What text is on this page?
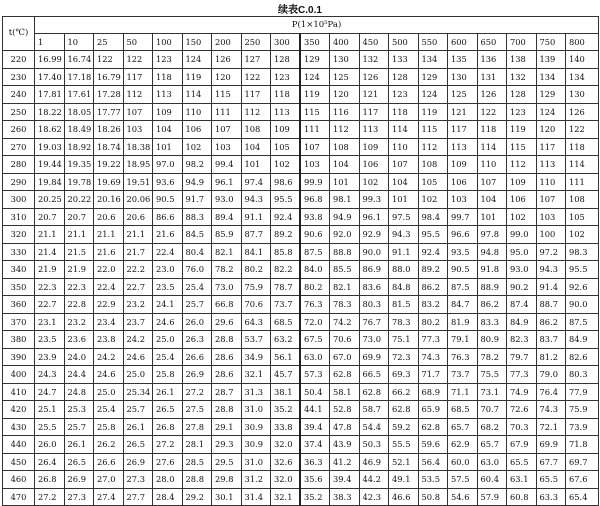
续表C.0.1
t(℃)	P(1×10⁵Pa)																		
	1	10	25	50	100	150	200	250	300	350	400	450	500	550	600	650	700	750	800
220	16.99	16.74	122	122	123	124	126	127	128	129	130	132	133	134	135	136	138	139	140
230	17.40	17.18	16.79	117	118	119	120	122	123	124	125	126	128	129	130	131	132	134	134
240	17.81	17.61	17.28	112	113	114	115	117	118	119	120	121	123	124	125	126	128	129	130
250	18.22	18.05	17.77	107	109	110	111	112	113	115	116	117	118	119	121	122	123	124	126
260	18.62	18.49	18.26	103	104	106	107	108	109	111	112	113	114	115	117	118	119	120	122
270	19.03	18.92	18.74	18.38	101	102	103	104	105	107	108	109	110	112	113	114	115	117	118
280	19.44	19.35	19.22	18.95	97.0	98.2	99.4	101	102	103	104	106	107	108	109	110	112	113	114
290	19.84	19.78	19.69	19.51	93.6	94.9	96.1	97.4	98.6	99.9	101	102	104	105	106	107	109	110	111
300	20.25	20.22	20.16	20.06	90.5	91.7	93.0	94.3	95.5	96.8	98.1	99.3	101	102	103	104	106	107	108
310	20.7	20.7	20.6	20.6	86.6	88.3	89.4	91.1	92.4	93.8	94.9	96.1	97.5	98.4	99.7	101	102	103	105
320	21.1	21.1	21.1	21.1	21.6	84.5	85.9	87.7	89.2	90.6	92.0	92.9	94.3	95.5	96.6	97.8	99.0	100	102
330	21.4	21.5	21.6	21.7	22.4	80.4	82.1	84.1	85.8	87.5	88.8	90.0	91.1	92.4	93.5	94.8	95.0	97.2	98.3
340	21.9	21.9	22.0	22.2	23.0	76.0	78.2	80.2	82.2	84.0	85.5	86.9	88.0	89.2	90.5	91.8	93.0	94.3	95.5
350	22.3	22.3	22.4	22.7	23.5	25.4	73.0	75.9	78.7	80.2	82.1	83.6	84.8	86.2	87.5	88.9	90.2	91.4	92.6
360	22.7	22.8	22.9	23.2	24.1	25.7	66.8	70.6	73.7	76.3	78.3	80.3	81.5	83.2	84.7	86.2	87.4	88.7	90.0
370	23.1	23.2	23.4	23.7	24.6	26.0	29.6	64.3	68.5	72.0	74.2	76.7	78.3	80.2	81.9	83.3	84.9	86.2	87.5
380	23.5	23.6	23.8	24.2	25.0	26.3	28.8	53.7	63.2	67.5	70.6	73.0	75.1	77.3	79.1	80.9	82.3	83.7	84.9
390	23.9	24.0	24.2	24.6	25.4	26.6	28.6	34.9	56.1	63.0	67.0	69.9	72.3	74.3	76.3	78.2	79.7	81.2	82.6
400	24.3	24.4	24.6	25.0	25.8	26.9	28.6	32.1	45.7	57.3	62.8	66.5	69.3	71.7	73.7	75.5	77.3	79.0	80.3
410	24.7	24.8	25.0	25.34	26.1	27.2	28.7	31.3	38.1	50.4	58.1	62.8	66.2	68.9	71.1	73.1	74.9	76.4	77.9
420	25.1	25.3	25.4	25.7	26.5	27.5	28.8	31.0	35.2	44.1	52.8	58.7	62.8	65.9	68.5	70.7	72.6	74.3	75.9
430	25.5	25.7	25.8	26.1	26.8	27.8	29.1	30.9	33.8	39.4	47.8	54.4	59.2	62.8	65.7	68.2	70.3	72.1	73.9
440	26.0	26.1	26.2	26.5	27.2	28.1	29.3	30.9	32.0	37.4	43.9	50.3	55.5	59.6	62.9	65.7	67.9	69.9	71.8
450	26.4	26.5	26.6	26.9	27.6	28.5	29.5	31.0	32.6	36.3	41.2	46.9	52.1	56.4	60.0	63.0	65.5	67.7	69.7
460	26.8	26.9	27.0	27.3	28.0	28.8	29.8	31.2	32.0	35.6	39.4	44.2	49.1	53.5	57.5	60.4	63.1	65.5	67.6
470	27.2	27.3	27.4	27.7	28.4	29.2	30.1	31.4	32.1	35.2	38.3	42.3	46.6	50.8	54.6	57.9	60.8	63.3	65.4
